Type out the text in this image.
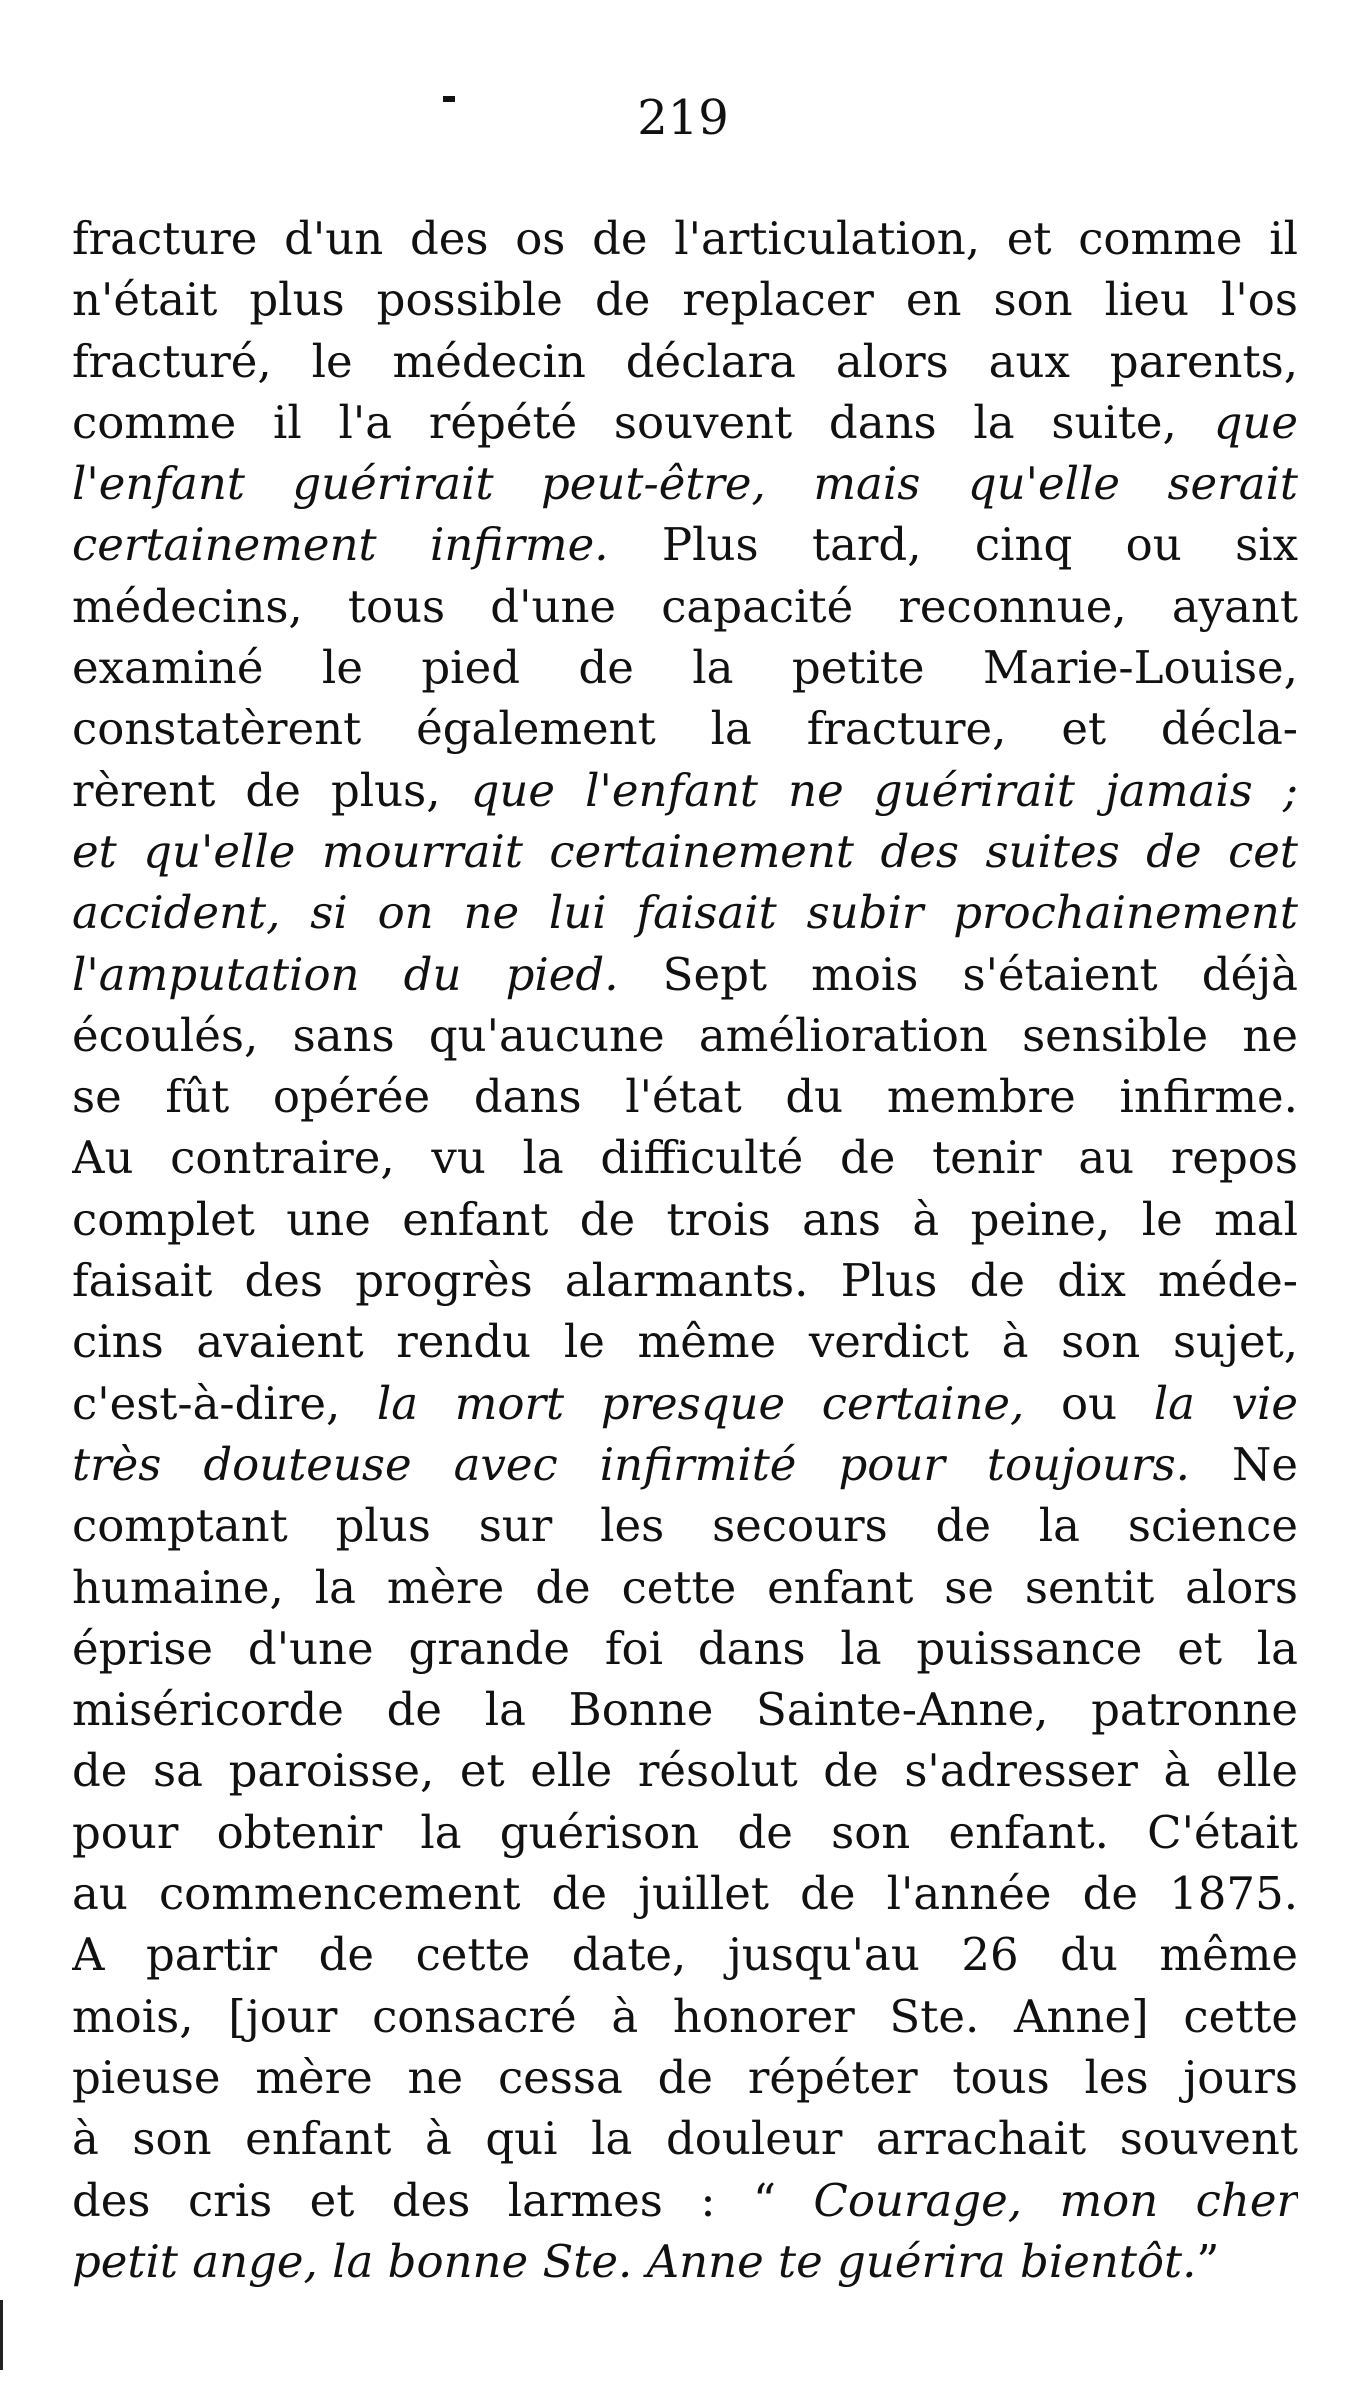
219
fracture d'un des os de l'articulation, et comme il
n'était plus possible de replacer en son lieu l'os
fracturé, le médecin déclara alors aux parents,
comme il l'a répété souvent dans la suite, que
l'enfant guérirait peut-être, mais qu'elle serait
certainement infirme. Plus tard, cinq ou six
médecins, tous d'une capacité reconnue, ayant
examiné le pied de la petite Marie-Louise,
constatèrent également la fracture, et décla-
rèrent de plus, que l'enfant ne guérirait jamais ;
et qu'elle mourrait certainement des suites de cet
accident, si on ne lui faisait subir prochainement
l'amputation du pied. Sept mois s'étaient déjà
écoulés, sans qu'aucune amélioration sensible ne
se fût opérée dans l'état du membre infirme.
Au contraire, vu la difficulté de tenir au repos
complet une enfant de trois ans à peine, le mal
faisait des progrès alarmants. Plus de dix méde-
cins avaient rendu le même verdict à son sujet,
c'est-à-dire, la mort presque certaine, ou la vie
très douteuse avec infirmité pour toujours. Ne
comptant plus sur les secours de la science
humaine, la mère de cette enfant se sentit alors
éprise d'une grande foi dans la puissance et la
miséricorde de la Bonne Sainte-Anne, patronne
de sa paroisse, et elle résolut de s'adresser à elle
pour obtenir la guérison de son enfant. C'était
au commencement de juillet de l'année de 1875.
A partir de cette date, jusqu'au 26 du même
mois, [jour consacré à honorer Ste. Anne] cette
pieuse mère ne cessa de répéter tous les jours
à son enfant à qui la douleur arrachait souvent
des cris et des larmes : “ Courage, mon cher
petit ange, la bonne Ste. Anne te guérira bientôt.”
